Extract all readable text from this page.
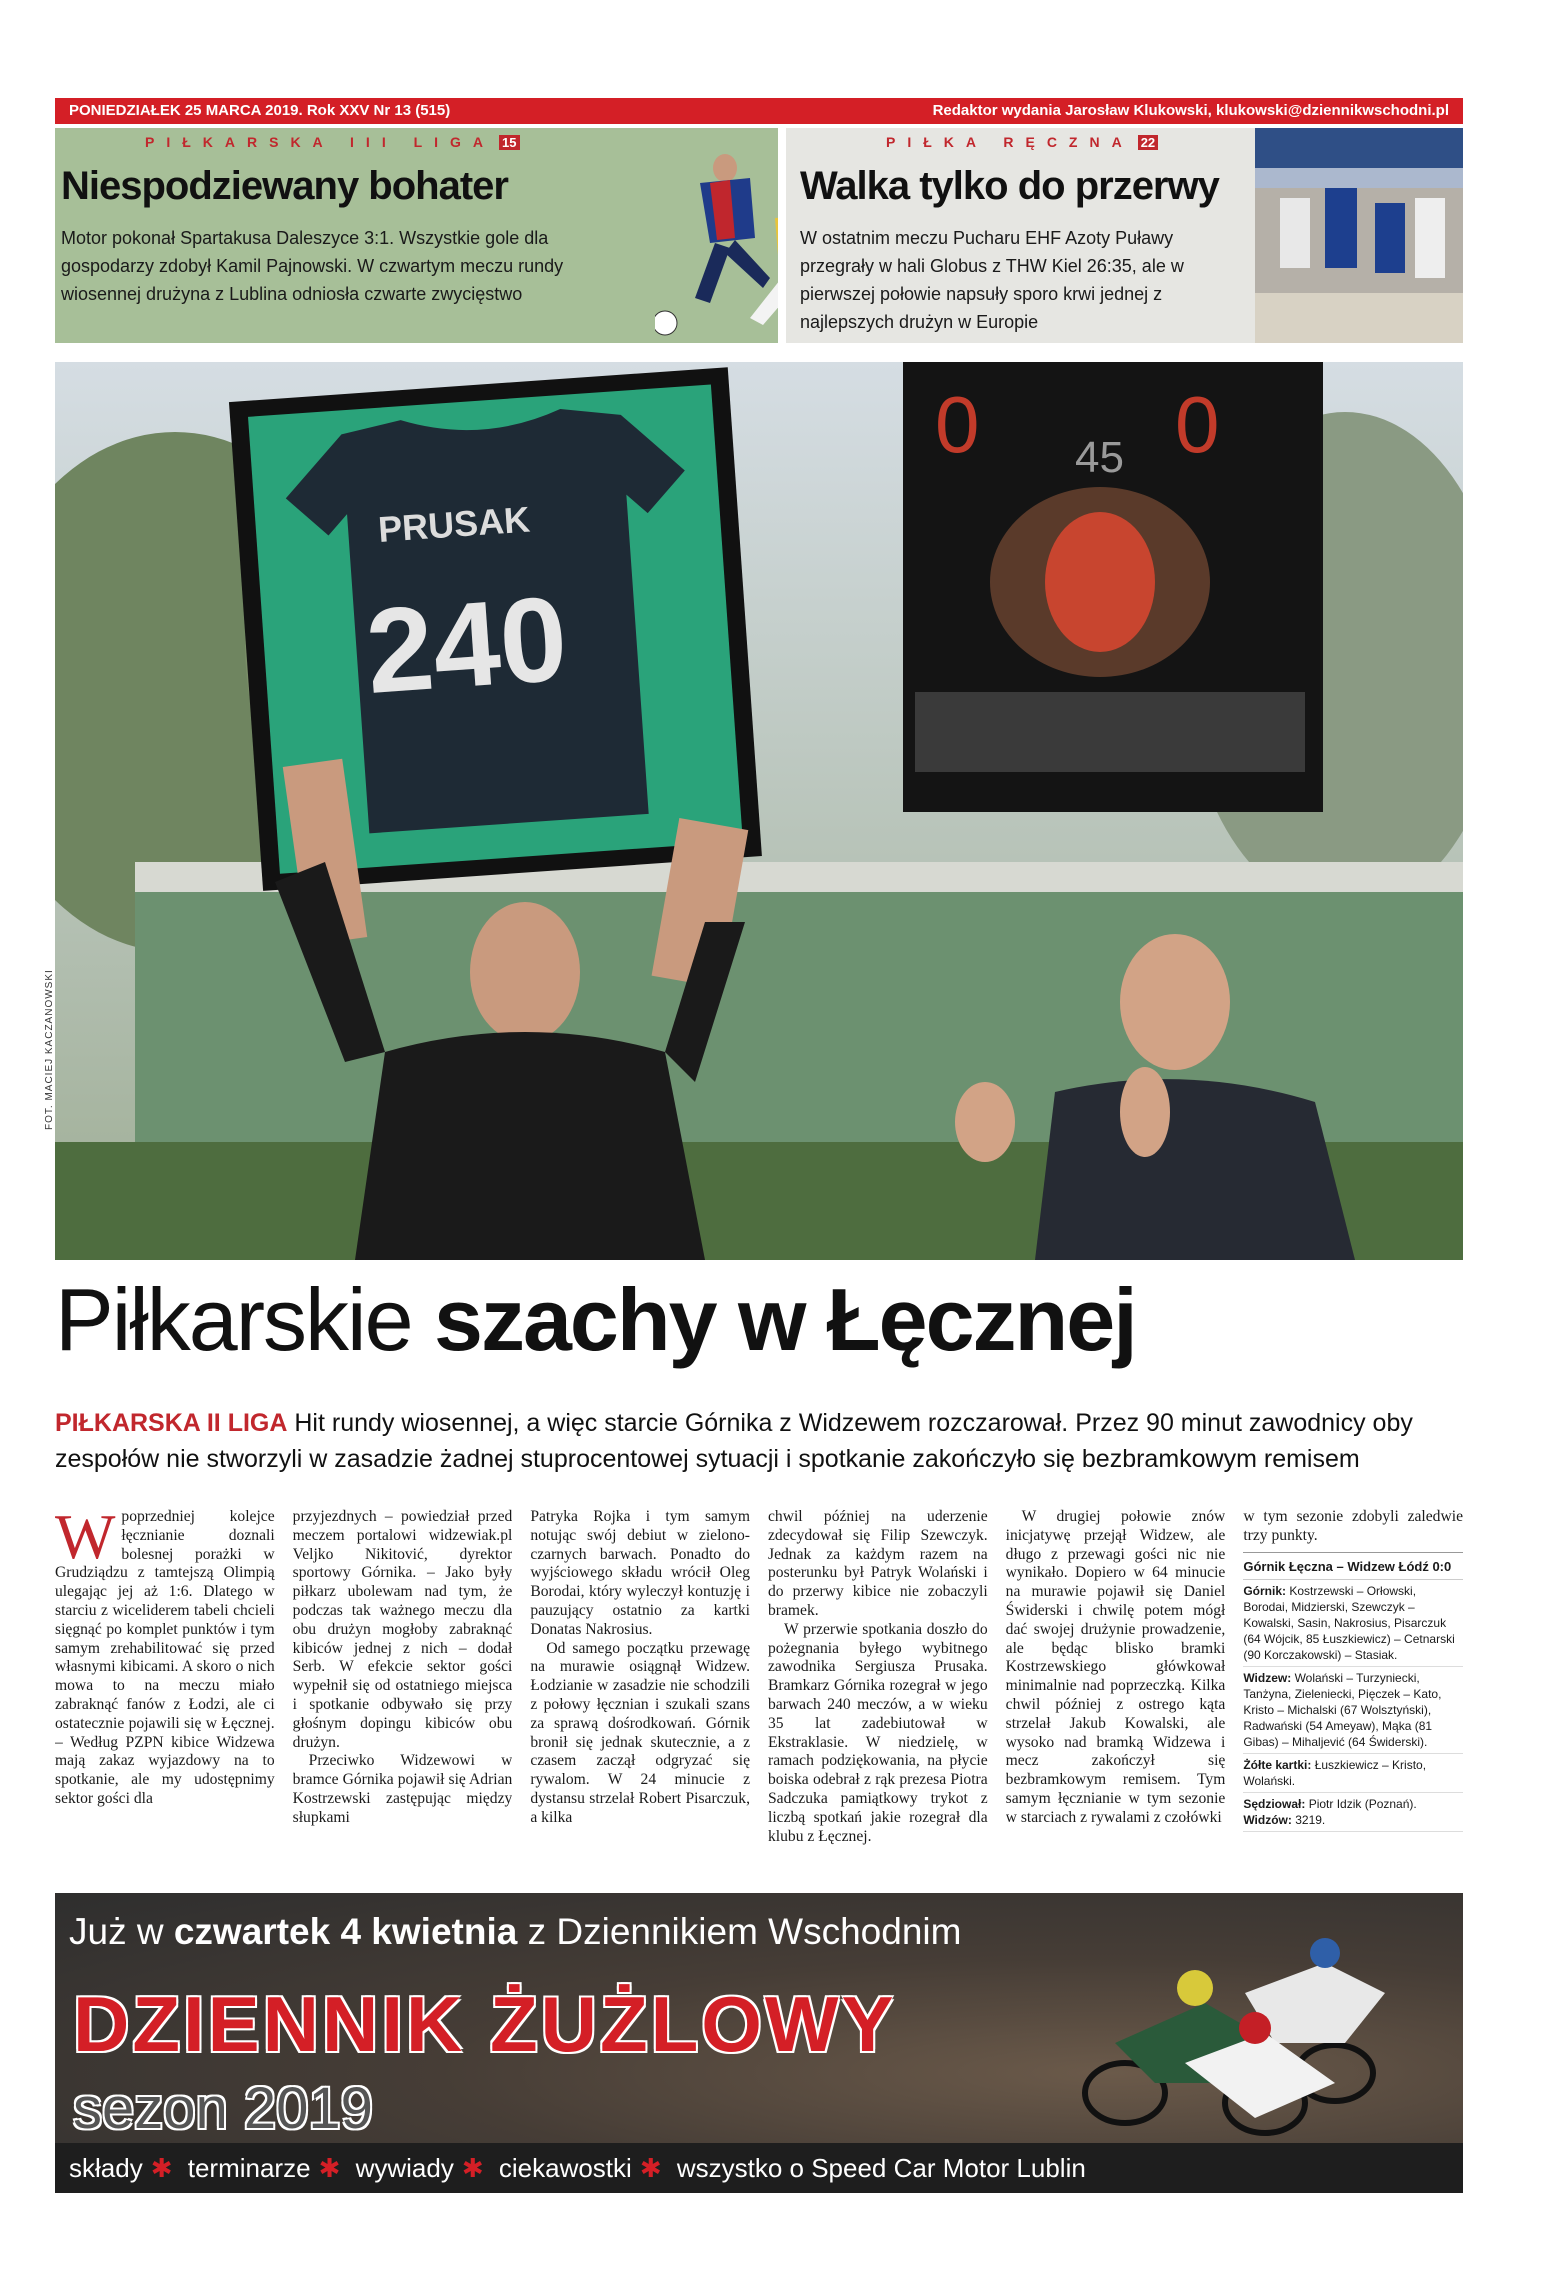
PONIEDZIAŁEK 25 MARCA 2019. Rok XXV Nr 13 (515)	Redaktor wydania Jarosław Klukowski, klukowski@dziennikwschodni.pl
PIŁKARSKA III LIGA 15
Niespodziewany bohater

Motor pokonał Spartakusa Daleszyce 3:1. Wszystkie gole dla gospodarzy zdobył Kamil Pajnowski. W czwartym meczu rundy wiosennej drużyna z Lublina odniosła czwarte zwycięstwo

PIŁKA RĘCZNA 22
Walka tylko do przerwy

W ostatnim meczu Pucharu EHF Azoty Puławy przegrały w hali Globus z THW Kiel 26:35, ale w pierwszej połowie napsuły sporo krwi jednej z najlepszych drużyn w Europie

0 45 0
PRUSAK
240
FOT. MACIEJ KACZANOWSKI
Piłkarskie szachy w Łęcznej
PIŁKARSKA II LIGA Hit rundy wiosennej, a więc starcie Górnika z Widzewem rozczarował. Przez 90 minut zawodnicy oby zespołów nie stworzyli w zasadzie żadnej stuprocentowej sytuacji i spotkanie zakończyło się bezbramkowym remisem

Wpoprzedniej kolejce łęcznianie doznali bolesnej porażki w Grudziądzu z tamtejszą Olimpią ulegając jej aż 1:6. Dlatego w starciu z wiceliderem tabeli chcieli sięgnąć po komplet punktów i tym samym zrehabilitować się przed własnymi kibicami. A skoro o nich mowa to na meczu miało zabraknąć fanów z Łodzi, ale ci ostatecznie pojawili się w Łęcznej. – Według PZPN kibice Widzewa mają zakaz wyjazdowy na to spotkanie, ale my udostępnimy sektor gości dla

przyjezdnych – powiedział przed meczem portalowi widzewiak.pl Veljko Nikitović, dyrektor sportowy Górnika. – Jako były piłkarz ubolewam nad tym, że podczas tak ważnego meczu dla obu drużyn mogłoby zabraknąć kibiców jednej z nich – dodał Serb. W efekcie sektor gości wypełnił się od ostatniego miejsca i spotkanie odbywało się przy głośnym dopingu kibiców obu drużyn.

Przeciwko Widzewowi w bramce Górnika pojawił się Adrian Kostrzewski zastępując między słupkami

Patryka Rojka i tym samym notując swój debiut w zielono-czarnych barwach. Ponadto do wyjściowego składu wrócił Oleg Borodai, który wyleczył kontuzję i pauzujący ostatnio za kartki Donatas Nakrosius.

Od samego początku przewagę na murawie osiągnął Widzew. Łodzianie w zasadzie nie schodzili z połowy łęcznian i szukali szans za sprawą dośrodkowań. Górnik bronił się jednak skutecznie, a z czasem zaczął odgryzać się rywalom. W 24 minucie z dystansu strzelał Robert Pisarczuk, a kilka

chwil później na uderzenie zdecydował się Filip Szewczyk. Jednak za każdym razem na posterunku był Patryk Wolański i do przerwy kibice nie zobaczyli bramek.

W przerwie spotkania doszło do pożegnania byłego wybitnego zawodnika Sergiusza Prusaka. Bramkarz Górnika rozegrał w jego barwach 240 meczów, a w wieku 35 lat zadebiutował w Ekstraklasie. W niedzielę, w ramach podziękowania, na płycie boiska odebrał z rąk prezesa Piotra Sadczuka pamiątkowy trykot z liczbą spotkań jakie rozegrał dla klubu z Łęcznej.

W drugiej połowie znów inicjatywę przejął Widzew, ale długo z przewagi gości nic nie wynikało. Dopiero w 64 minucie na murawie pojawił się Daniel Świderski i chwilę potem mógł dać swojej drużynie prowadzenie, ale będąc blisko bramki Kostrzewskiego główkował minimalnie nad poprzeczką. Kilka chwil później z ostrego kąta strzelał Jakub Kowalski, ale wysoko nad bramką Widzewa i mecz zakończył się bezbramkowym remisem. Tym samym łęcznianie w tym sezonie w starciach z rywalami z czołówki

w tym sezonie zdobyli zaledwie trzy punkty.

Górnik Łęczna – Widzew Łódź 0:0
Górnik: Kostrzewski – Orłowski, Borodai, Midzierski, Szewczyk – Kowalski, Sasin, Nakrosius, Pisarczuk (64 Wójcik, 85 Łuszkiewicz) – Cetnarski (90 Korczakowski) – Stasiak.
Widzew: Wolański – Turzyniecki, Tanżyna, Zieleniecki, Pięczek – Kato, Kristo – Michalski (67 Wolsztyński), Radwański (54 Ameyaw), Mąka (81 Gibas) – Mihaljević (64 Świderski).
Żółte kartki: Łuszkiewicz – Kristo, Wolański.
Sędziował: Piotr Idzik (Poznań). Widzów: 3219.
Już w czwartek 4 kwietnia z Dziennikiem Wschodnim
DZIENNIK ŻUŻLOWY
sezon 2019
składy ✱ terminarze ✱ wywiady ✱ ciekawostki ✱ wszystko o Speed Car Motor Lublin
